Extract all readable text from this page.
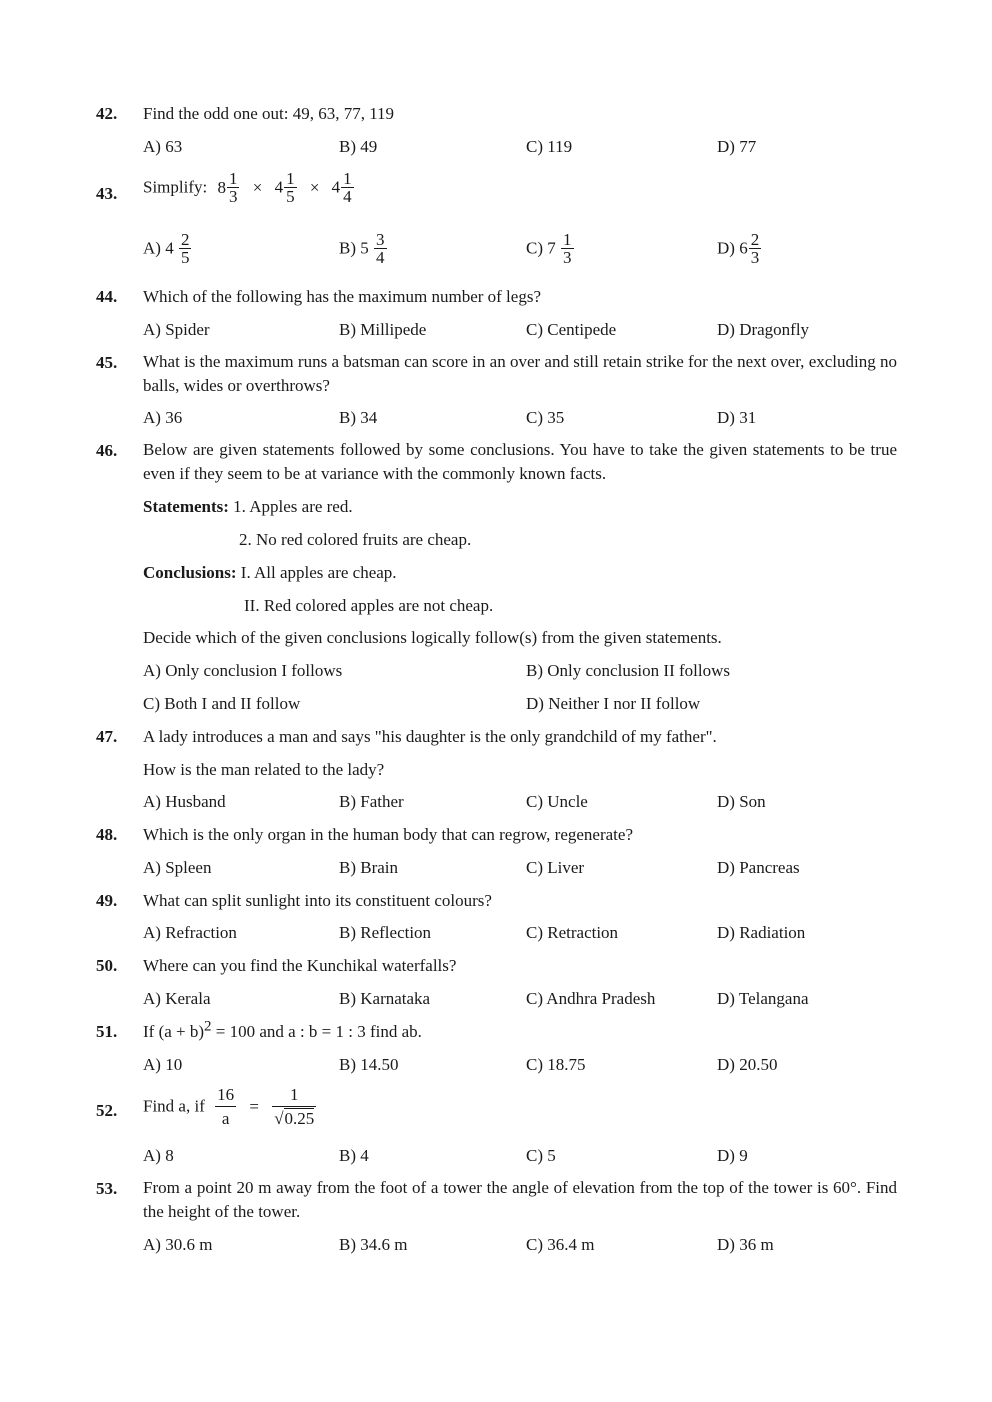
42. Find the odd one out: 49, 63, 77, 119
A) 63	B) 49	C) 119	D) 77
43. Simplify: $8 \frac{1}{3} \times 4 \frac{1}{5} \times 4 \frac{1}{4}$
A) $4 \frac{2}{5}$	B) $5 \frac{3}{4}$	C) $7 \frac{1}{3}$	D) $6 \frac{2}{3}$
44. Which of the following has the maximum number of legs?
A) Spider	B) Millipede	C) Centipede	D) Dragonfly
45. What is the maximum runs a batsman can score in an over and still retain strike for the next over, excluding no balls, wides or overthrows?
A) 36	B) 34	C) 35	D) 31
46. Below are given statements followed by some conclusions. You have to take the given statements to be true even if they seem to be at variance with the commonly known facts.
Statements: 1. Apples are red.
2. No red colored fruits are cheap.
Conclusions: I. All apples are cheap.
II. Red colored apples are not cheap.
Decide which of the given conclusions logically follow(s) from the given statements.
A) Only conclusion I follows	B) Only conclusion II follows
C) Both I and II follow	D) Neither I nor II follow
47. A lady introduces a man and says "his daughter is the only grandchild of my father".
How is the man related to the lady?
A) Husband	B) Father	C) Uncle	D) Son
48. Which is the only organ in the human body that can regrow, regenerate?
A) Spleen	B) Brain	C) Liver	D) Pancreas
49. What can split sunlight into its constituent colours?
A) Refraction	B) Reflection	C) Retraction	D) Radiation
50. Where can you find the Kunchikal waterfalls?
A) Kerala	B) Karnataka	C) Andhra Pradesh	D) Telangana
51. If $(a + b)^2 = 100$ and a : b = 1 : 3 find ab.
A) 10	B) 14.50	C) 18.75	D) 20.50
52. Find a, if $\frac{16}{a} = \frac{1}{√0.25}$
A) 8	B) 4	C) 5	D) 9
53. From a point 20 m away from the foot of a tower the angle of elevation from the top of the tower is 60°. Find the height of the tower.
A) 30.6 m	B) 34.6 m	C) 36.4 m	D) 36 m
